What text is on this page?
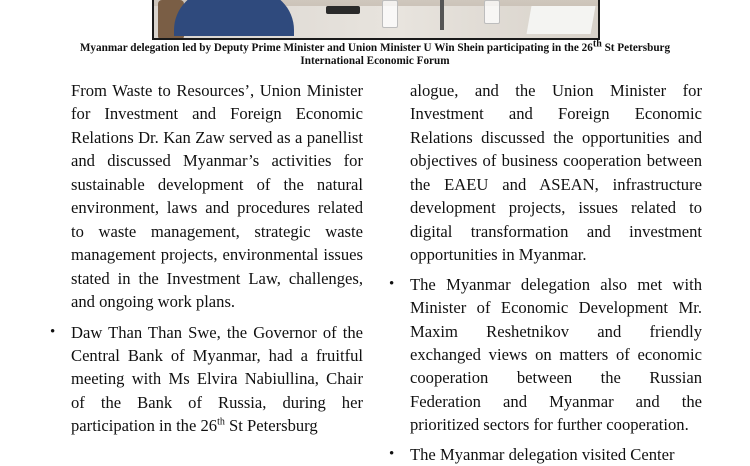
Myanmar delegation led by Deputy Prime Minister and Union Minister U Win Shein participating in the 26th St Petersburg International Economic Forum

From Waste to Resources’, Union Minister for Investment and Foreign Economic Relations Dr. Kan Zaw served as a panellist and discussed Myanmar’s activities for sustainable development of the natural environment, laws and procedures related to waste management, strategic waste management projects, environmental issues stated in the Investment Law, challenges, and ongoing work plans.

• Daw Than Than Swe, the Governor of the Central Bank of Myanmar, had a fruitful meeting with Ms Elvira Nabiullina, Chair of the Bank of Russia, during her participation in the 26th St Petersburg

alogue, and the Union Minister for Investment and Foreign Economic Relations discussed the opportunities and objectives of business cooperation between the EAEU and ASEAN, infrastructure development projects, issues related to digital transformation and investment opportunities in Myanmar.

• The Myanmar delegation also met with Minister of Economic Development Mr. Maxim Reshetnikov and friendly exchanged views on matters of economic cooperation between the Russian Federation and Myanmar and the prioritized sectors for further cooperation.

• The Myanmar delegation visited Center
